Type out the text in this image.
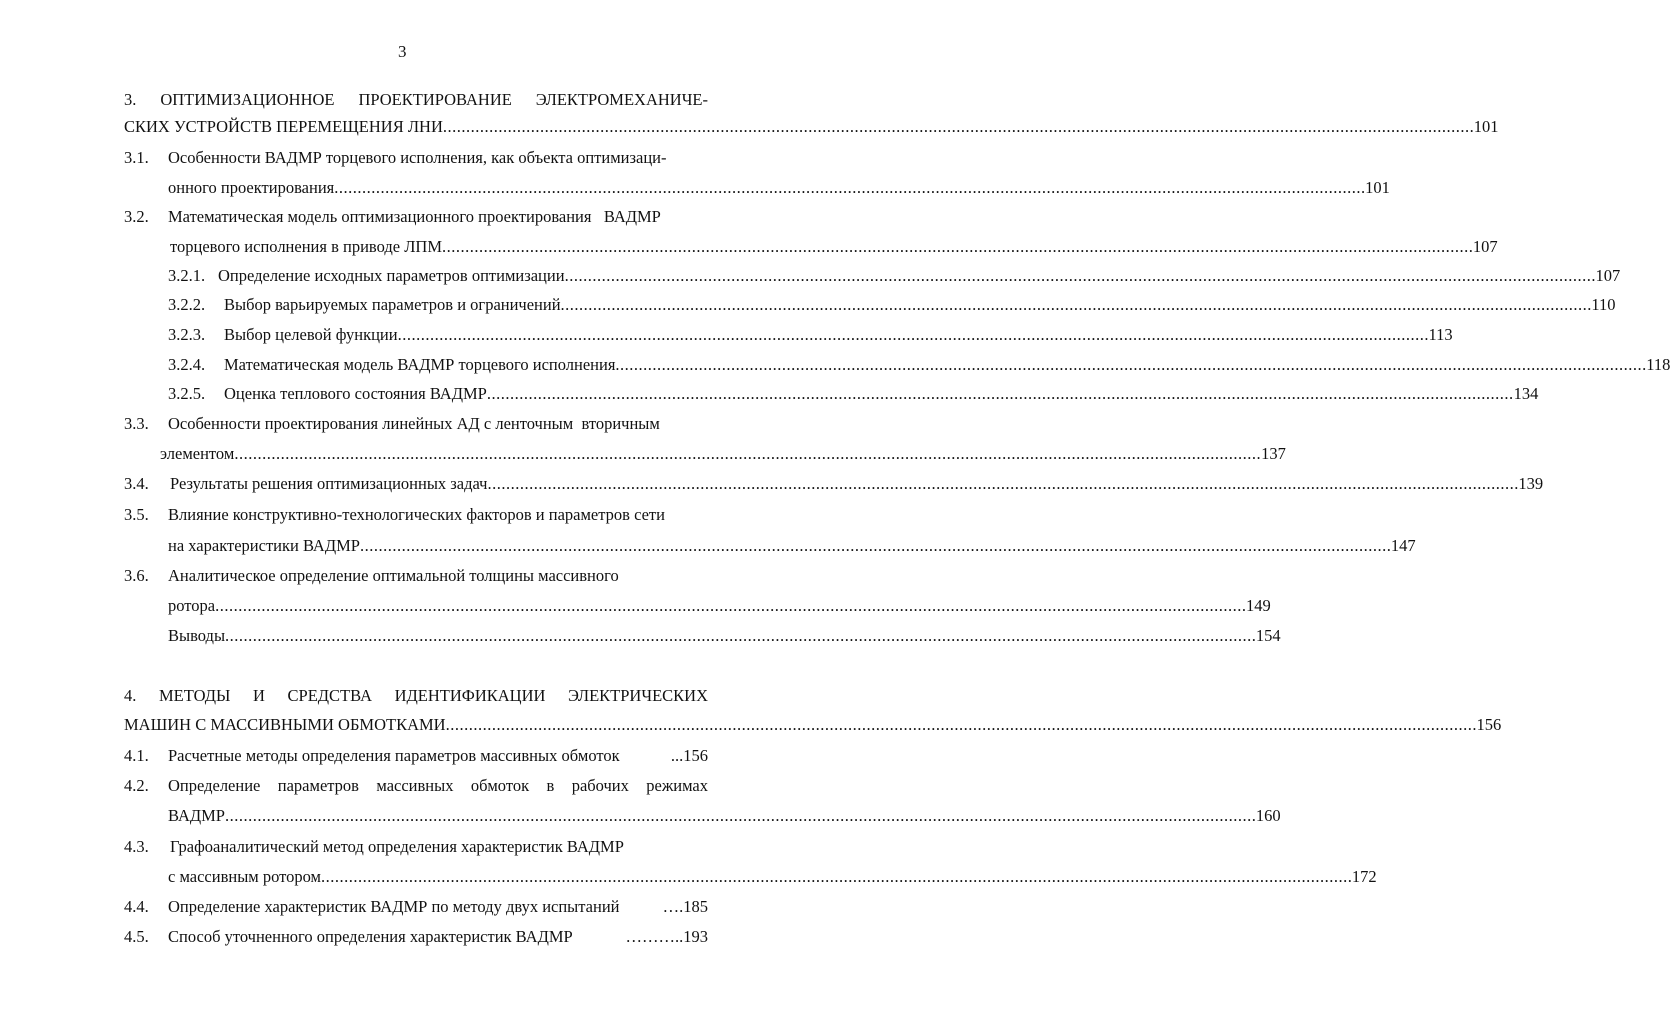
3
3. ОПТИМИЗАЦИОННОЕ ПРОЕКТИРОВАНИЕ ЭЛЕКТРОМЕХАНИЧЕ-
СКИХ УСТРОЙСТВ ПЕРЕМЕЩЕНИЯ ЛНИ .............................................................................................................................................................................................................................. .101
3.1. Особенности ВАДМР торцевого исполнения, как объекта оптимизаци-
онного проектирования .............................................................................................................................................................................................................................. .101
3.2. Математическая модель оптимизационного проектирования   ВАДМР
торцевого исполнения в приводе ЛПМ .............................................................................................................................................................................................................................. .107
3.2.1. Определение исходных параметров оптимизации .............................................................................................................................................................................................................................. .107
3.2.2.	Выбор варьируемых параметров и ограничений .............................................................................................................................................................................................................................. .110
3.2.3.	Выбор целевой функции .............................................................................................................................................................................................................................. .113
3.2.4.	Математическая модель ВАДМР торцевого исполнения .............................................................................................................................................................................................................................. .118
3.2.5.	Оценка теплового состояния ВАДМР .............................................................................................................................................................................................................................. 134
3.3. Особенности проектирования линейных АД с ленточным  вторичным
элементом .............................................................................................................................................................................................................................. 137
3.4. Результаты решения оптимизационных задач .............................................................................................................................................................................................................................. .139
3.5. Влияние конструктивно-технологических факторов и параметров сети
на характеристики ВАДМР .............................................................................................................................................................................................................................. .147
3.6. Аналитическое определение оптимальной толщины массивного
ротора .............................................................................................................................................................................................................................. .149
Выводы .............................................................................................................................................................................................................................. .154
4. МЕТОДЫ И СРЕДСТВА ИДЕНТИФИКАЦИИ ЭЛЕКТРИЧЕСКИХ
МАШИН С МАССИВНЫМИ ОБМОТКАМИ .............................................................................................................................................................................................................................. .156
4.1. Расчетные методы определения параметров массивных обмоток	...156
4.2. Определение параметров массивных обмоток в рабочих режимах
ВАДМР .............................................................................................................................................................................................................................. .160
4.3. Графоаналитический метод определения характеристик ВАДМР
с массивным ротором .............................................................................................................................................................................................................................. .172
4.4. Определение характеристик ВАДМР по методу двух испытаний	….185
4.5. Способ уточненного определения характеристик ВАДМР	………..193
